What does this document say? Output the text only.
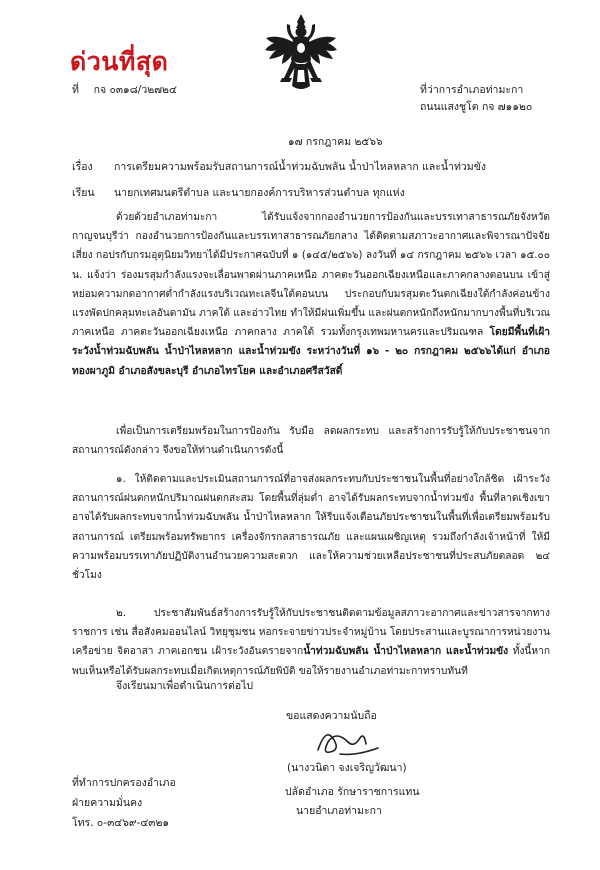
ด่วนที่สุด
ที่ กจ ๐๓๑๘/ว๒๗๒๔	ที่ว่าการอำเภอท่ามะกา
ถนนแสงชูโต กจ ๗๑๑๒๐
๑๗ กรกฎาคม ๒๕๖๖
เรื่อง การเตรียมความพร้อมรับสถานการณ์น้ำท่วมฉับพลัน น้ำป่าไหลหลาก และน้ำท่วมขัง
เรียน นายกเทศมนตรีตำบล และนายกองค์การบริหารส่วนตำบล ทุกแห่ง
ด้วยด้วยอำเภอท่ามะกา ได้รับแจ้งจากกองอำนวยการป้องกันและบรรเทาสาธารณภัยจังหวัดกาญจนบุรีว่า กองอำนวยการป้องกันและบรรเทาสาธารณภัยกลาง ได้ติดตามสภาวะอากาศและพิจารณาปัจจัยเสี่ยง กอปรกับกรมอุตุนิยมวิทยาได้มีประกาศฉบับที่ ๑ (๑๔๕/๒๕๖๖) ลงวันที่ ๑๔ กรกฎาคม ๒๕๖๖ เวลา ๑๕.๐๐ น. แจ้งว่า ร่องมรสุมกำลังแรงจะเลื่อนพาดผ่านภาคเหนือ ภาคตะวันออกเฉียงเหนือและภาคกลางตอนบน เข้าสู่หย่อมความกดอากาศต่ำกำลังแรงบริเวณทะเลจีนใต้ตอนบน ประกอบกับมรสุมตะวันตกเฉียงใต้กำลังค่อนข้างแรงพัดปกคลุมทะเลอันดามัน ภาคใต้ และอ่าวไทย ทำให้มีฝนเพิ่มขึ้น และฝนตกหนักถึงหนักมากบางพื้นที่บริเวณภาคเหนือ ภาคตะวันออกเฉียงเหนือ ภาคกลาง ภาคใต้ รวมทั้งกรุงเทพมหานครและปริมณฑล โดยมีพื้นที่เฝ้าระวังน้ำท่วมฉับพลัน น้ำป่าไหลหลาก และน้ำท่วมขัง ระหว่างวันที่ ๑๖ - ๒๐ กรกฎาคม ๒๕๖๖ได้แก่ อำเภอทองผาภูมิ อำเภอสังขละบุรี อำเภอไทรโยค และอำเภอศรีสวัสดิ์
เพื่อเป็นการเตรียมพร้อมในการป้องกัน รับมือ ลดผลกระทบ และสร้างการรับรู้ให้กับประชาชนจากสถานการณ์ดังกล่าว จึงขอให้ท่านดำเนินการดังนี้
๑. ให้ติดตามและประเมินสถานการณ์ที่อาจส่งผลกระทบกับประชาชนในพื้นที่อย่างใกล้ชิด เฝ้าระวังสถานการณ์ฝนตกหนักปริมาณฝนตกสะสม โดยพื้นที่ลุ่มต่ำ อาจได้รับผลกระทบจากน้ำท่วมขัง พื้นที่ลาดเชิงเขา อาจได้รับผลกระทบจากน้ำท่วมฉับพลัน น้ำป่าไหลหลาก ให้รีบแจ้งเตือนภัยประชาชนในพื้นที่เพื่อเตรียมพร้อมรับสถานการณ์ เตรียมพร้อมทรัพยากร เครื่องจักรกลสาธารณภัย และแผนเผชิญเหตุ รวมถึงกำลังเจ้าหน้าที่ ให้มีความพร้อมบรรเทาภัยปฏิบัติงานอำนวยความสะดวก และให้ความช่วยเหลือประชาชนที่ประสบภัยตลอด ๒๔ ชั่วโมง
๒. ประชาสัมพันธ์สร้างการรับรู้ให้กับประชาชนติดตามข้อมูลสภาวะอากาศและข่าวสารจากทางราชการ เช่น สื่อสังคมออนไลน์ วิทยุชุมชน หอกระจายข่าวประจำหมู่บ้าน โดยประสานและบูรณาการหน่วยงานเครือข่าย จิตอาสา ภาคเอกชน เฝ้าระวังอันตรายจากน้ำท่วมฉับพลัน น้ำป่าไหลหลาก และน้ำท่วมขัง ทั้งนี้หากพบเห็นหรือได้รับผลกระทบเมื่อเกิดเหตุการณ์ภัยพิบัติ ขอให้รายงานอำเภอท่ามะกาทราบทันที
จึงเรียนมาเพื่อดำเนินการต่อไป
ขอแสดงความนับถือ
(นางวนิดา จงเจริญวัฒนา)
ปลัดอำเภอ รักษาราชการแทน
นายอำเภอท่ามะกา
ที่ทำการปกครองอำเภอ
ฝ่ายความมั่นคง
โทร. ๐-๓๔๖๙-๔๓๒๑
